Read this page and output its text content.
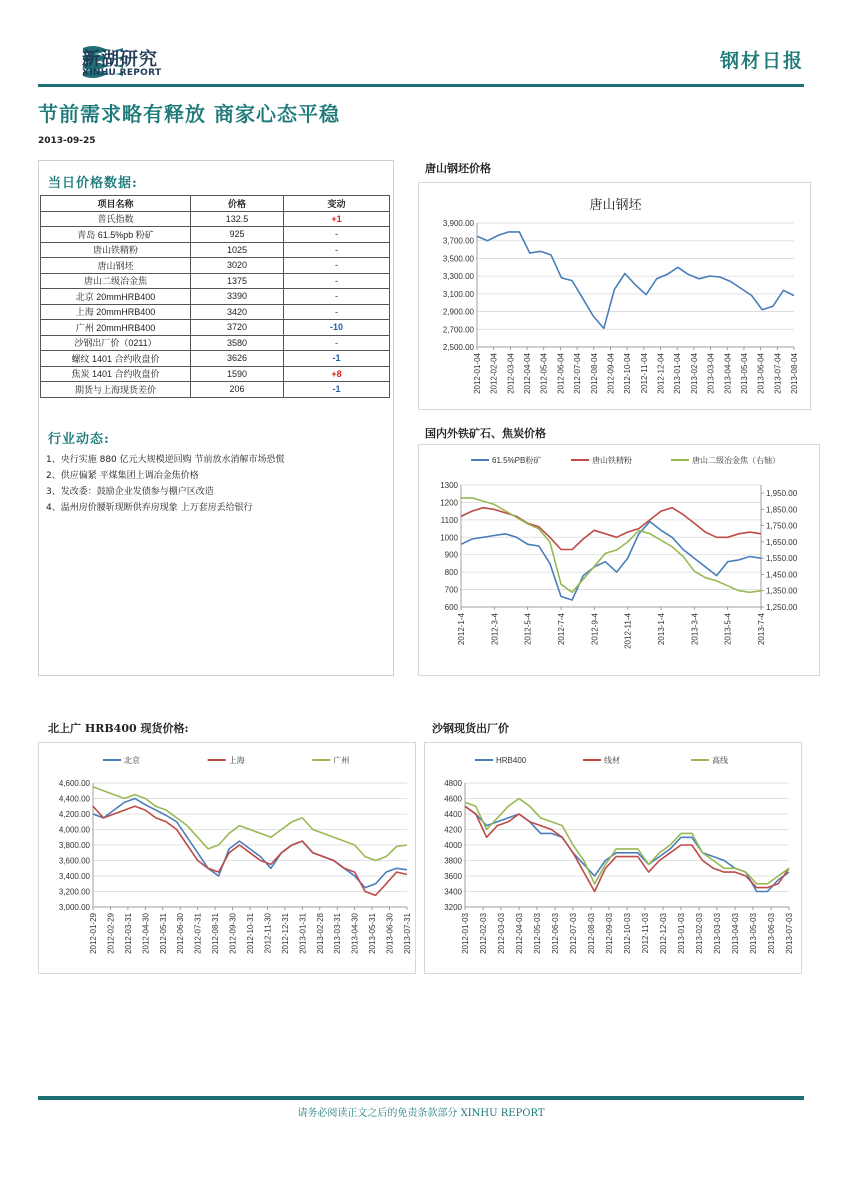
新湖研究
XINHU REPORT
钢材日报
节前需求略有释放 商家心态平稳
2013-09-25
当日价格数据:
项目名称	价格	变动
普氏指数	132.5	+1
青岛 61.5%pb 粉矿	925	-
唐山铁精粉	1025	-
唐山钢坯	3020	-
唐山二级冶金焦	1375	-
北京 20mmHRB400	3390	-
上海 20mmHRB400	3420	-
广州 20mmHRB400	3720	-10
沙钢出厂价（0211）	3580	-
螺纹 1401 合约收盘价	3626	-1
焦炭 1401 合约收盘价	1590	+8
期货与上海现货差价	206	-1
行业动态:
1、央行实施 880 亿元大规模逆回购 节前放水消解市场恐慌
2、供应偏紧 平煤集团上调冶金焦价格
3、发改委：鼓励企业发债参与棚户区改造
4、温州房价腰斩现断供弃房现象 上万套房丢给银行
唐山钢坯价格
国内外铁矿石、焦炭价格
北上广 HRB400 现货价格:	沙钢现货出厂价
唐山钢坯
3,900.00
3,700.00
3,500.00
3,300.00
3,100.00
2,900.00
2,700.00
2,500.00
2012-01-04 2012-02-04 2012-03-04 2012-04-04 2012-05-04 2012-06-04 2012-07-04 2012-08-04 2012-09-04 2012-10-04 2012-11-04 2012-12-04 2013-01-04 2013-02-04 2013-03-04 2013-04-04 2013-05-04 2013-06-04 2013-07-04 2013-08-04
1300
1200
1100
1000
900
800
700
600
1,950.00
1,850.00
1,750.00
1,650.00
1,550.00
1,450.00
1,350.00
1,250.00
2012-1-4	2012-3-4	2012-5-4	2012-7-4	2012-9-4	2012-11-4	2013-1-4	2013-3-4	2013-5-4	2013-7-4
61.5%PB粉矿	唐山铁精粉	唐山二级冶金焦（右轴）
4,600.00
4,400.00
4,200.00
4,000.00
3,800.00
3,600.00
3,400.00
3,200.00
3,000.00
2012-01-29 2012-02-29 2012-03-31 2012-04-30 2012-05-31 2012-06-30 2012-07-31 2012-08-31 2012-09-30 2012-10-31 2012-11-30 2012-12-31 2013-01-31 2013-02-28 2013-03-31 2013-04-30 2013-05-31 2013-06-30 2013-07-31
北京	上海	广州
4800
4600
4400
4200
4000
3800
3600
3400
3200
2012-01-03 2012-02-03 2012-03-03 2012-04-03 2012-05-03 2012-06-03 2012-07-03 2012-08-03 2012-09-03 2012-10-03 2012-11-03 2012-12-03 2013-01-03 2013-02-03 2013-03-03 2013-04-03 2013-05-03 2013-06-03 2013-07-03
HRB400	线材	高线
请务必阅读正文之后的免责条款部分 XINHU REPORT
